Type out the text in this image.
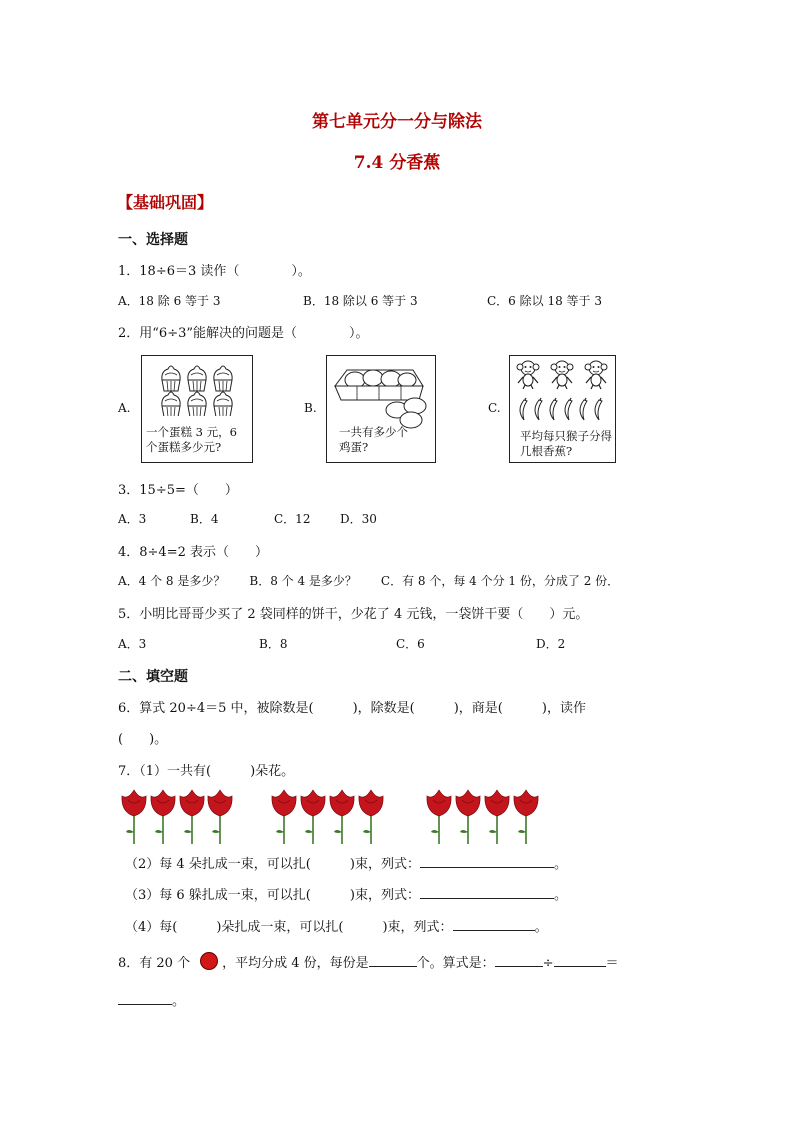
第七单元分一分与除法
7.4 分香蕉
【基础巩固】
一、选择题
1．18÷6＝3 读作（　　　　）。
A．18 除 6 等于 3	B．18 除以 6 等于 3	C．6 除以 18 等于 3
2．用“6÷3”能解决的问题是（　　　　）。
A.
一个蛋糕 3 元，6 个蛋糕多少元?
B.
一共有多少个鸡蛋?
C.
平均每只猴子分得几根香蕉?
3．15÷5=（　　）
A．3	B．4	C．12 D．30
4．8÷4=2 表示（　　）
A．4 个 8 是多少？　　B．8 个 4 是多少？　　C．有 8 个，每 4 个分 1 份，分成了 2 份．
5．小明比哥哥少买了 2 袋同样的饼干，少花了 4 元钱，一袋饼干要（　　）元。
A．3	B．8	C．6	D．2
二、填空题
6．算式 20÷4＝5 中，被除数是(　　　)，除数是(　　　)，商是(　　　)，读作
(　　)。
7．（1）一共有(　　　)朵花。
（2）每 4 朵扎成一束，可以扎(　　　)束，列式：	。
（3）每 6 躲扎成一束，可以扎(　　　)束，列式：	。
（4）每(　　　)朵扎成一束，可以扎(　　　)束，列式：	。
8．有 20 个 ，平均分成 4 份，每份是	个。算式是：	÷	＝
。
